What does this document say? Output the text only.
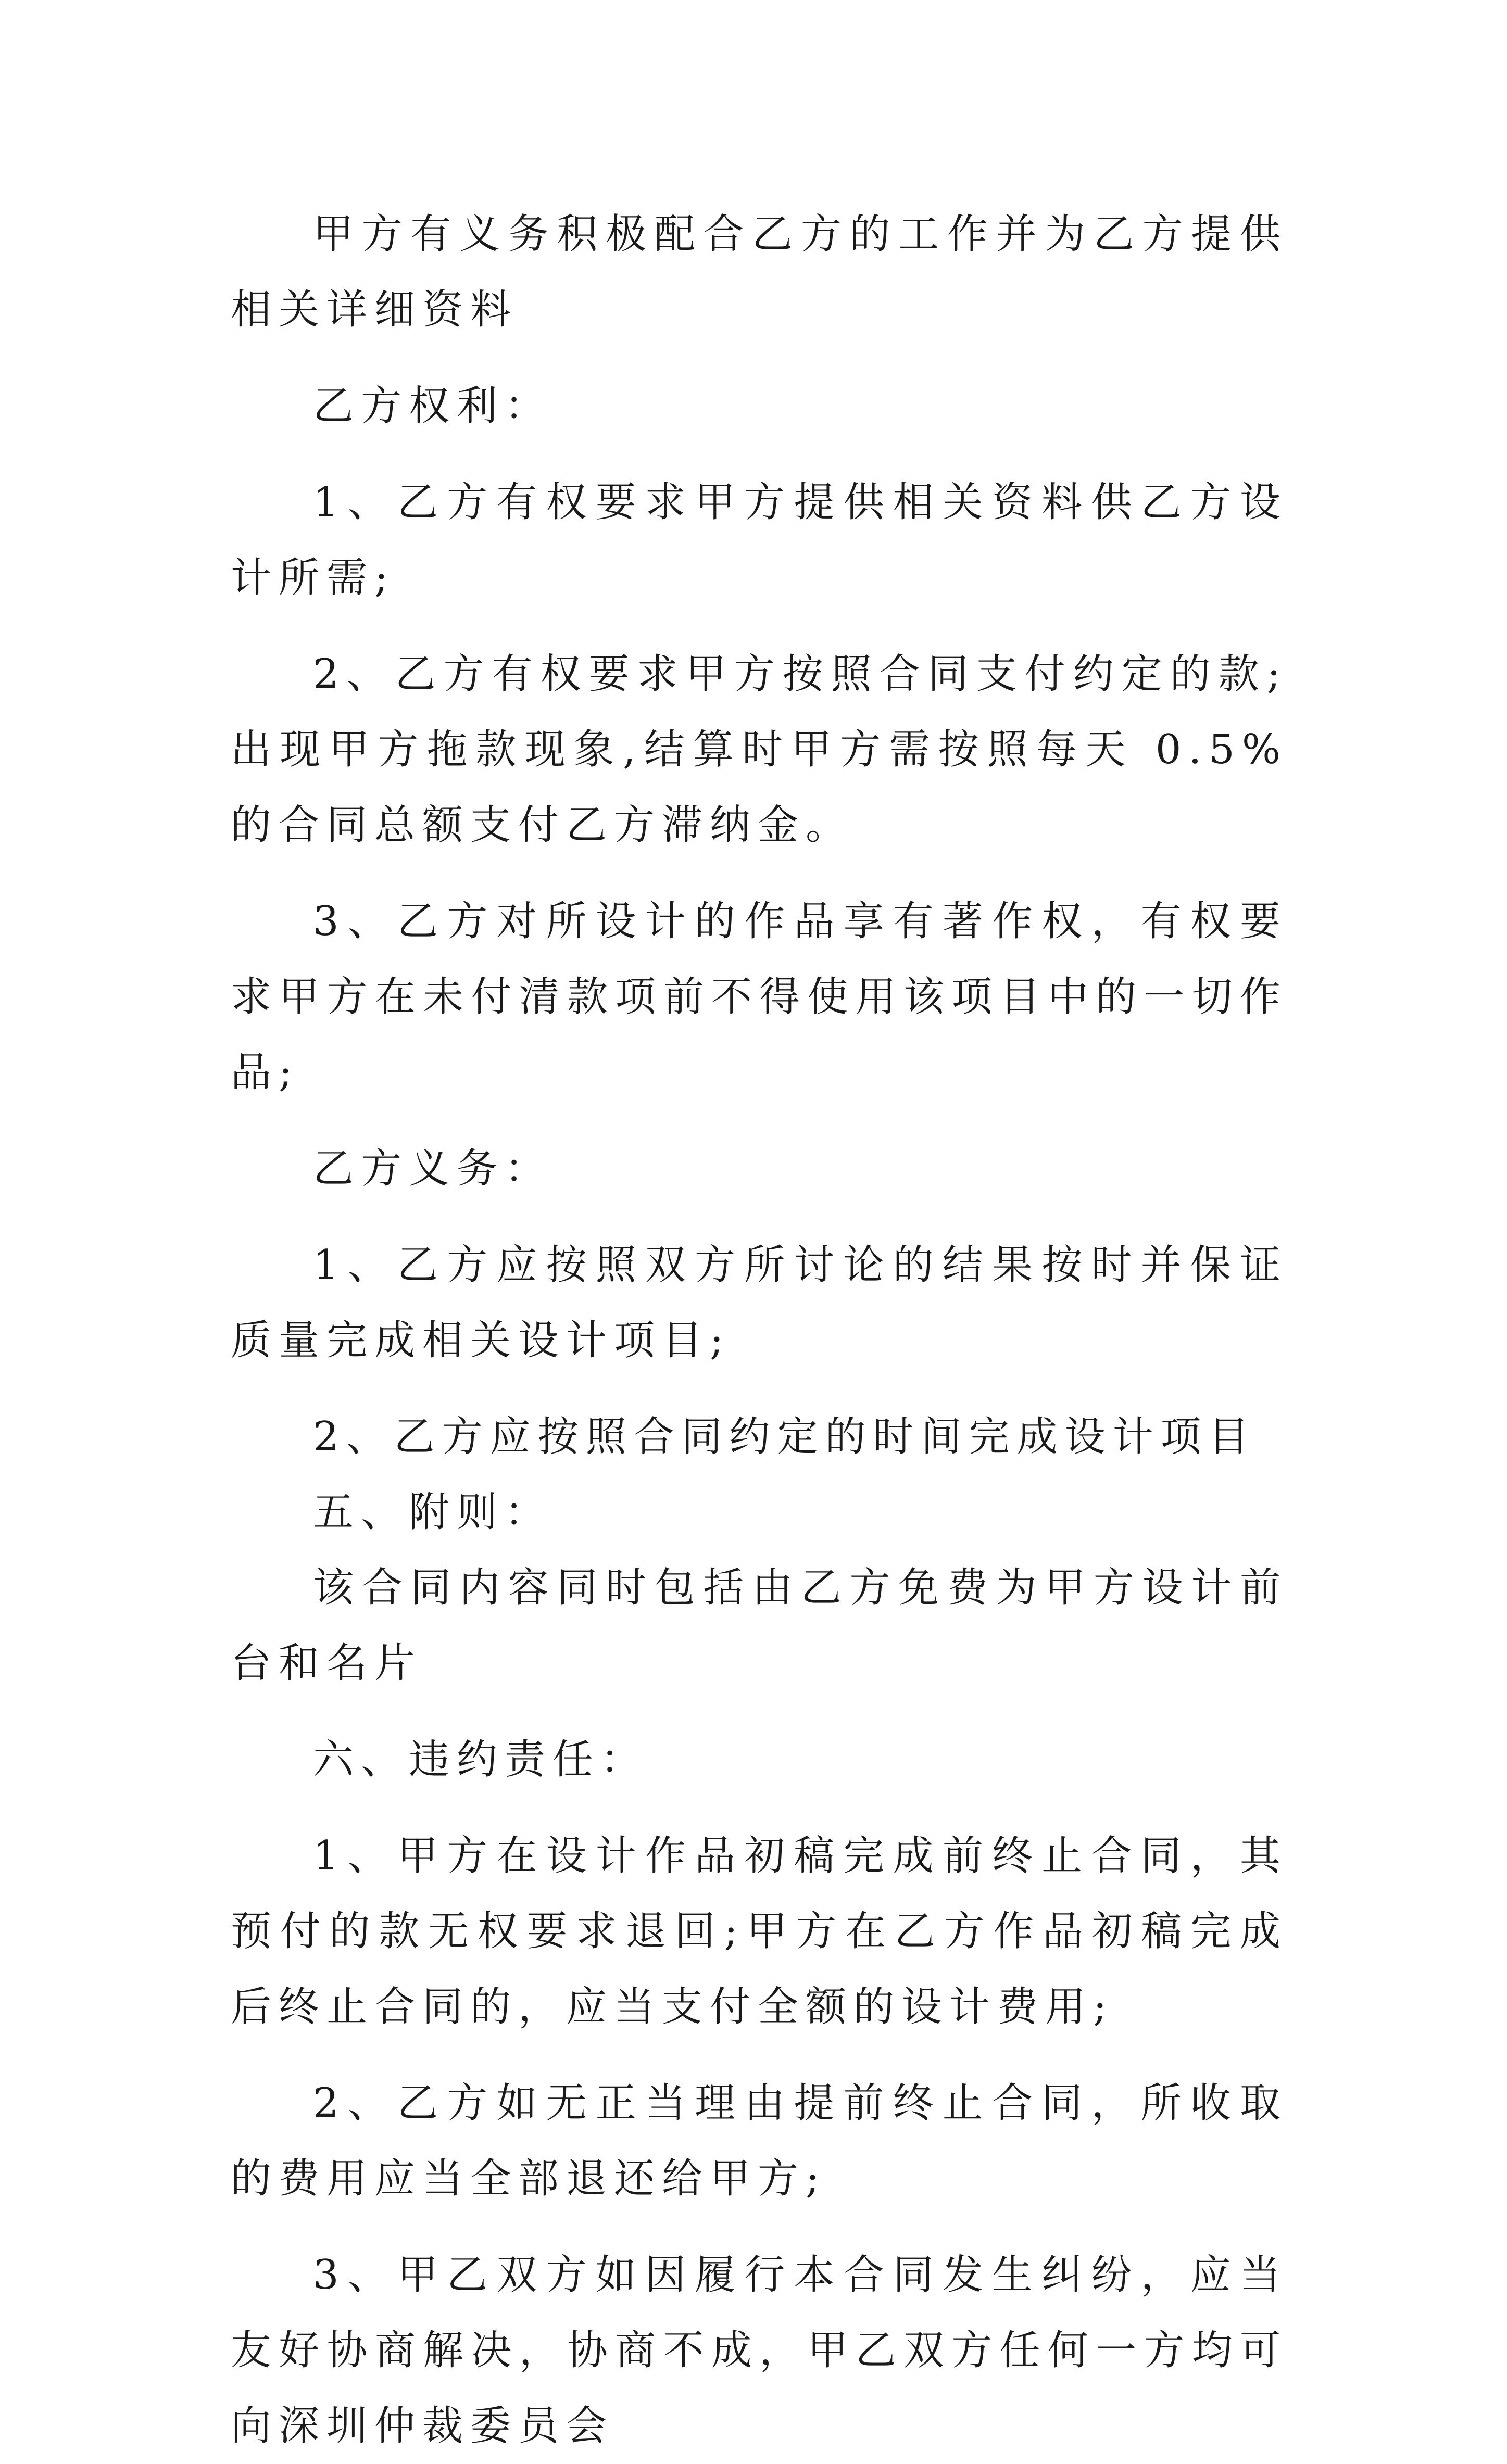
甲方有义务积极配合乙方的工作并为乙方提供相关详细资料

乙方权利：

1、乙方有权要求甲方提供相关资料供乙方设计所需;

2、乙方有权要求甲方按照合同支付约定的款;出现甲方拖款现象,结算时甲方需按照每天 0.5%的合同总额支付乙方滞纳金。

3、乙方对所设计的作品享有著作权，有权要求甲方在未付清款项前不得使用该项目中的一切作品;

乙方义务：

1、乙方应按照双方所讨论的结果按时并保证质量完成相关设计项目;

2、乙方应按照合同约定的时间完成设计项目

五、附则：

该合同内容同时包括由乙方免费为甲方设计前台和名片

六、违约责任：

1、甲方在设计作品初稿完成前终止合同，其预付的款无权要求退回;甲方在乙方作品初稿完成后终止合同的，应当支付全额的设计费用;

2、乙方如无正当理由提前终止合同，所收取的费用应当全部退还给甲方;

3、甲乙双方如因履行本合同发生纠纷，应当友好协商解决，协商不成，甲乙双方任何一方均可向深圳仲裁委员会
